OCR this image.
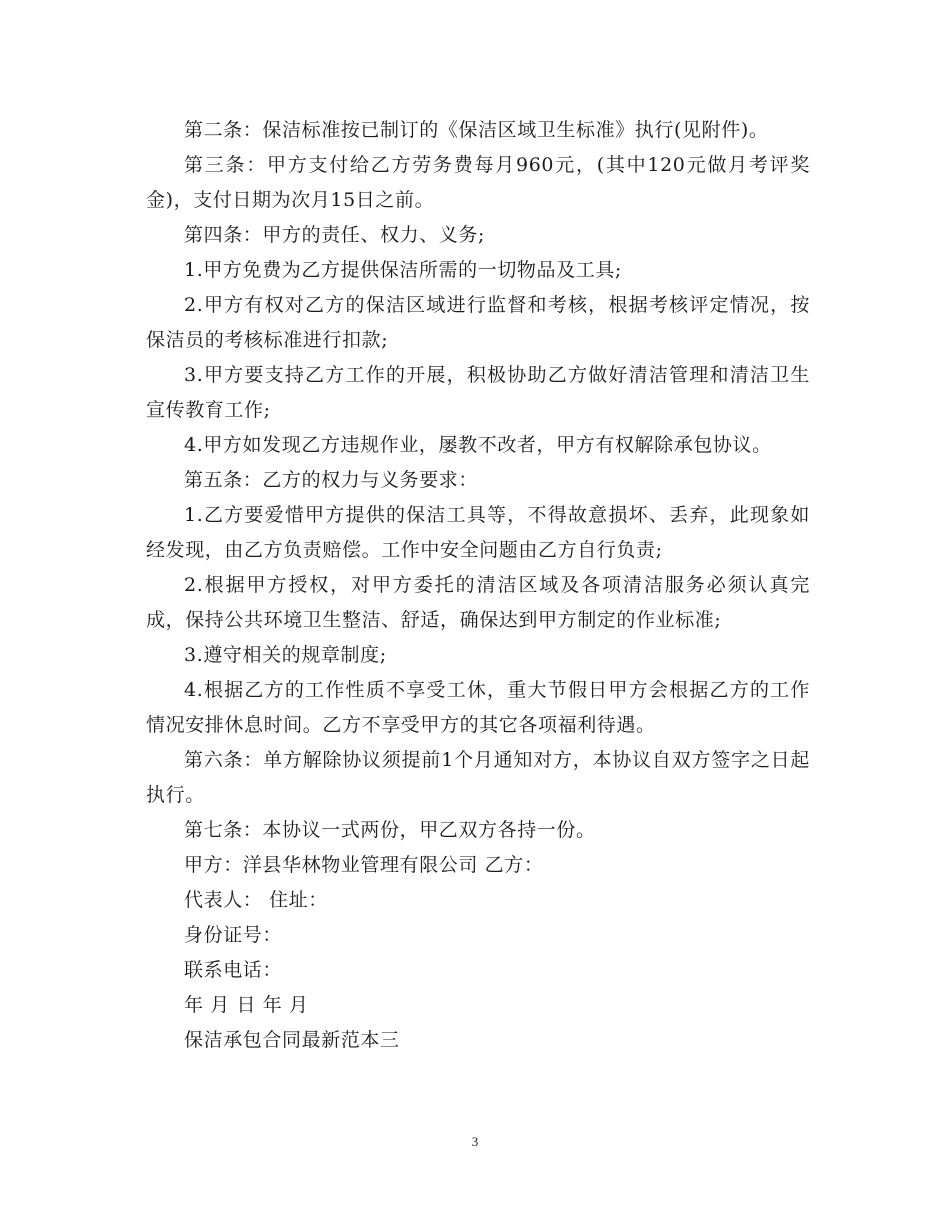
第二条：保洁标准按已制订的《保洁区域卫生标准》执行(见附件)。

第三条：甲方支付给乙方劳务费每月960元，(其中120元做月考评奖金)，支付日期为次月15日之前。

第四条：甲方的责任、权力、义务;

1.甲方免费为乙方提供保洁所需的一切物品及工具;

2.甲方有权对乙方的保洁区域进行监督和考核，根据考核评定情况，按保洁员的考核标准进行扣款;

3.甲方要支持乙方工作的开展，积极协助乙方做好清洁管理和清洁卫生宣传教育工作;

4.甲方如发现乙方违规作业，屡教不改者，甲方有权解除承包协议。

第五条：乙方的权力与义务要求：

1.乙方要爱惜甲方提供的保洁工具等，不得故意损坏、丢弃，此现象如经发现，由乙方负责赔偿。工作中安全问题由乙方自行负责;

2.根据甲方授权，对甲方委托的清洁区域及各项清洁服务必须认真完成，保持公共环境卫生整洁、舒适，确保达到甲方制定的作业标准;

3.遵守相关的规章制度;

4.根据乙方的工作性质不享受工休，重大节假日甲方会根据乙方的工作情况安排休息时间。乙方不享受甲方的其它各项福利待遇。

第六条：单方解除协议须提前1个月通知对方，本协议自双方签字之日起执行。

第七条：本协议一式两份，甲乙双方各持一份。

甲方：洋县华林物业管理有限公司 乙方：

代表人： 住址：

身份证号：

联系电话：

年 月 日 年 月

保洁承包合同最新范本三

3
